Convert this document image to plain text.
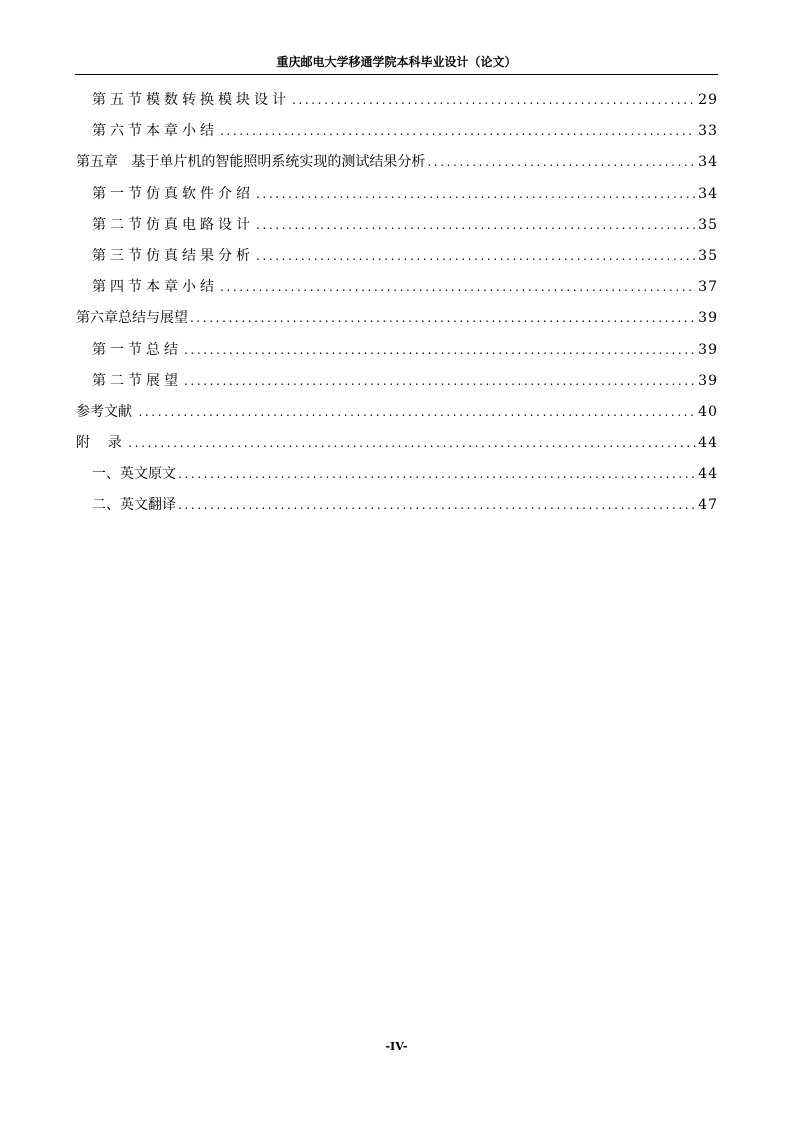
重庆邮电大学移通学院本科毕业设计（论文）
第五节模数转换模块设计 .....	29
第六节本章小结 .....	33
第五章   基于单片机的智能照明系统实现的测试结果分析 .....	34
第一节仿真软件介绍 .....	34
第二节仿真电路设计 .....	35
第三节仿真结果分析 .....	35
第四节本章小结 .....	37
第六章总结与展望 .....	39
第一节总结 .....	39
第二节展望 .....	39
参考文献 .....	40
附    录 .....	44
一、英文原文 .....	44
二、英文翻译 .....	47
-IV-
